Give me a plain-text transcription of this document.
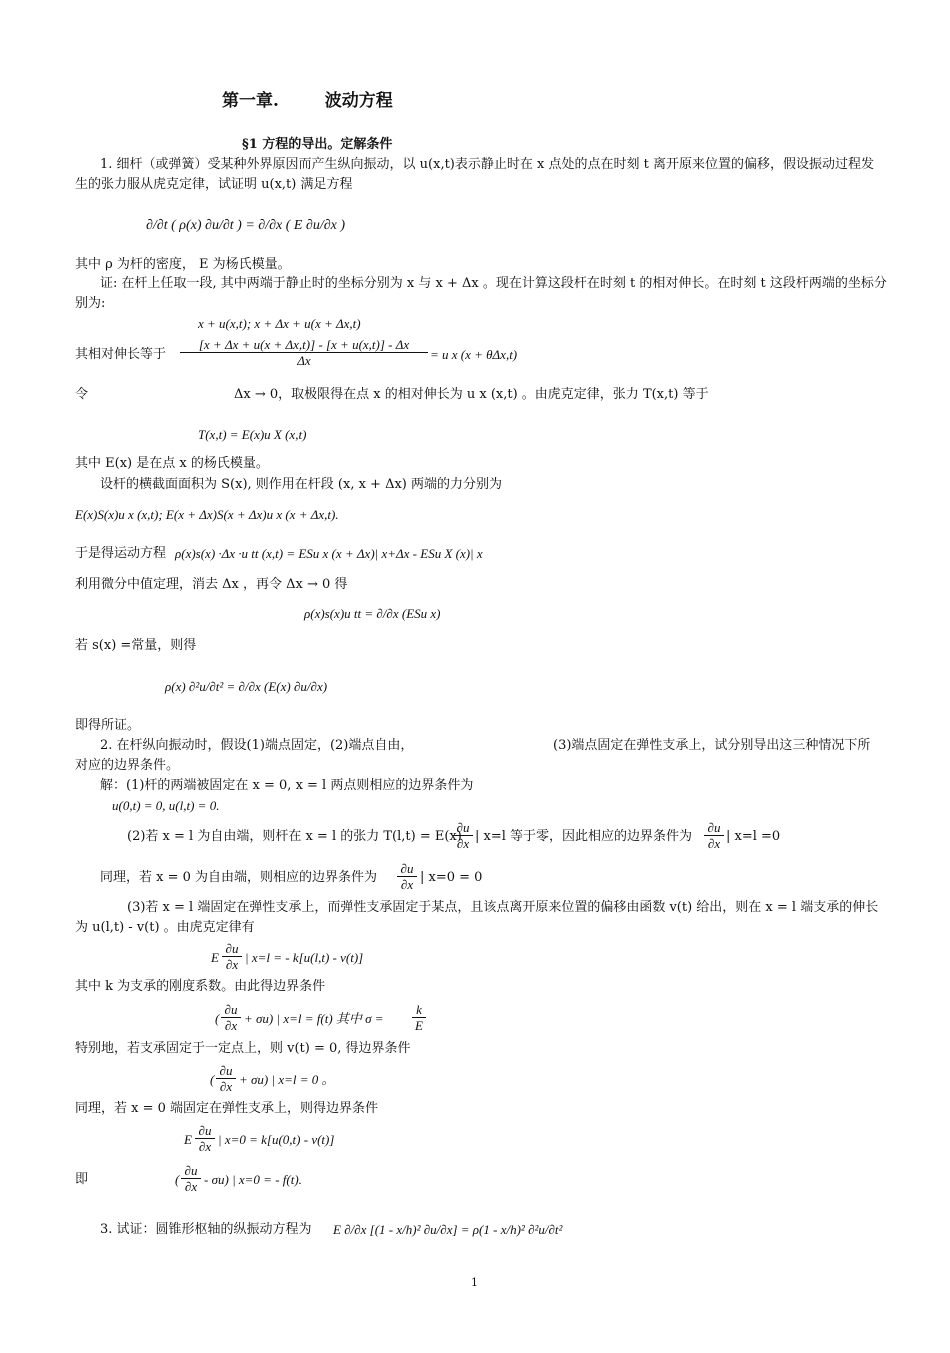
第一章.	波动方程
§1 方程的导出。定解条件
1. 细杆（或弹簧）受某种外界原因而产生纵向振动，以 u(x,t)表示静止时在 x 点处的点在时刻 t 离开原来位置的偏移，假设振动过程发
生的张力服从虎克定律，试证明 u(x,t) 满足方程
∂/∂t ( ρ(x) ∂u/∂t ) = ∂/∂x ( E ∂u/∂x )
其中 ρ 为杆的密度， E 为杨氏模量。
证: 在杆上任取一段, 其中两端于静止时的坐标分别为 x 与 x + Δx 。现在计算这段杆在时刻 t 的相对伸长。在时刻 t 这段杆两端的坐标分
别为:
x + u(x,t); x + Δx + u(x + Δx,t)
其相对伸长等于
[x + Δx + u(x + Δx,t)] - [x + u(x,t)] - Δx
Δx	= u x (x + θΔx,t)
令	Δx → 0，取极限得在点 x 的相对伸长为 u x (x,t) 。由虎克定律，张力 T(x,t) 等于
T(x,t) = E(x)u X (x,t)
其中 E(x) 是在点 x 的杨氏模量。
设杆的横截面面积为 S(x), 则作用在杆段 (x, x + Δx) 两端的力分别为
E(x)S(x)u x (x,t); E(x + Δx)S(x + Δx)u x (x + Δx,t).
于是得运动方程 ρ(x)s(x) ·Δx ·u tt (x,t) = ESu x (x + Δx)| x+Δx - ESu X (x)| x
利用微分中值定理，消去 Δx ，再令 Δx → 0 得
ρ(x)s(x)u tt = ∂/∂x (ESu x)
若 s(x) =常量，则得
ρ(x) ∂²u/∂t² = ∂/∂x (E(x) ∂u/∂x)
即得所证。
2. 在杆纵向振动时，假设(1)端点固定，(2)端点自由，	(3)端点固定在弹性支承上，试分别导出这三种情况下所
对应的边界条件。
解：(1)杆的两端被固定在 x = 0, x = l 两点则相应的边界条件为
u(0,t) = 0, u(l,t) = 0.
(2)若 x = l 为自由端，则杆在 x = l 的张力 T(l,t) = E(x)
∂u
∂x | x=l 等于零，因此相应的边界条件为
∂u
∂x | x=l =0
同理，若 x = 0 为自由端，则相应的边界条件为
∂u
∂x | x=0 = 0
(3)若 x = l 端固定在弹性支承上，而弹性支承固定于某点，且该点离开原来位置的偏移由函数 v(t) 给出，则在 x = l 端支承的伸长
为 u(l,t) - v(t) 。由虎克定律有
E
∂u
∂x | x=l = - k[u(l,t) - v(t)]
其中 k 为支承的刚度系数。由此得边界条件
(
∂u
∂x + σu) | x=l = f(t) 其中 σ =
k
E
特别地，若支承固定于一定点上，则 v(t) = 0, 得边界条件
(
∂u
∂x + σu) | x=l = 0 。
同理，若 x = 0 端固定在弹性支承上，则得边界条件
E
∂u
∂x | x=0 = k[u(0,t) - v(t)]
即	(
∂u
∂x - σu) | x=0 = - f(t).
3. 试证：圆锥形枢轴的纵振动方程为 E ∂/∂x [(1 - x/h)² ∂u/∂x] = ρ(1 - x/h)² ∂²u/∂t²
1
